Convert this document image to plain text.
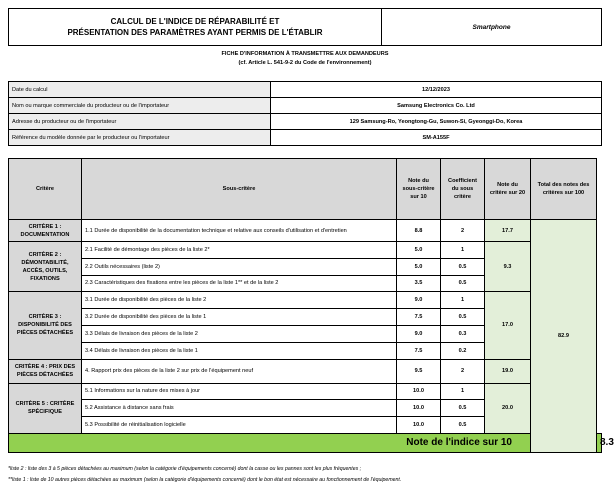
CALCUL DE L'INDICE DE RÉPARABILITÉ ET
PRÉSENTATION DES PARAMÈTRES AYANT PERMIS DE L'ÉTABLIR
Smartphone
FICHE D'INFORMATION À TRANSMETTRE AUX DEMANDEURS
(cf. Article L. 541-9-2 du Code de l'environnement)
Date du calcul	12/12/2023
Nom ou marque commerciale du producteur ou de l'importateur	Samsung Electronics Co. Ltd
Adresse du producteur ou de l'importateur	129 Samsung-Ro, Yeongtong-Gu, Suwon-Si, Gyeonggi-Do, Korea
Référence du modèle donnée par le producteur ou l'importateur	SM-A155F
Critère	Sous-critère	Note du sous-critère sur 10	Coefficient du sous critère	Note du critère sur 20	Total des notes des critères sur 100	
CRITÈRE 1 : DOCUMENTATION	1.1 Durée de disponibilité de la documentation technique et relative aux conseils d'utilisation et d'entretien	8.8	2	17.7	82.9	
CRITÈRE 2 : DÉMONTABILITÉ, ACCÈS, OUTILS, FIXATIONS	2.1 Facilité de démontage des pièces de la liste 2*	5.0	1	9.3		
	2.2 Outils nécessaires (liste 2)	5.0	0.5			
	2.3 Caractéristiques des fixations entre les pièces de la liste 1** et de la liste 2	3.5	0.5			
CRITÈRE 3 : DISPONIBILITÉ DES PIÈCES DÉTACHÉES	3.1 Durée de disponibilité des pièces de la liste 2	9.0	1	17.0		
	3.2 Durée de disponibilité des pièces de la liste 1	7.5	0.5			
	3.3 Délais de livraison des pièces de la liste 2	9.0	0.3			
	3.4 Délais de livraison des pièces de la liste 1	7.5	0.2			
CRITÈRE 4 : PRIX DES PIÈCES DÉTACHÉES	4. Rapport prix des pièces de la liste 2 sur prix de l'équipement neuf	9.5	2	19.0		
CRITÈRE 5 : CRITÈRE SPÉCIFIQUE	5.1 Informations sur la nature des mises à jour	10.0	1	20.0		
	5.2 Assistance à distance sans frais	10.0	0.5			
	5.3 Possibilité de réinitialisation logicielle	10.0	0.5			
Note de l'indice sur 10						8.3
*liste 2 : liste des 3 à 5 pièces détachées au maximum (selon la catégorie d'équipements concerné) dont la casse ou les pannes sont les plus fréquentes ;
**liste 1 : liste de 10 autres pièces détachées au maximum (selon la catégorie d'équipements concerné) dont le bon état est nécessaire au fonctionnement de l'équipement.
